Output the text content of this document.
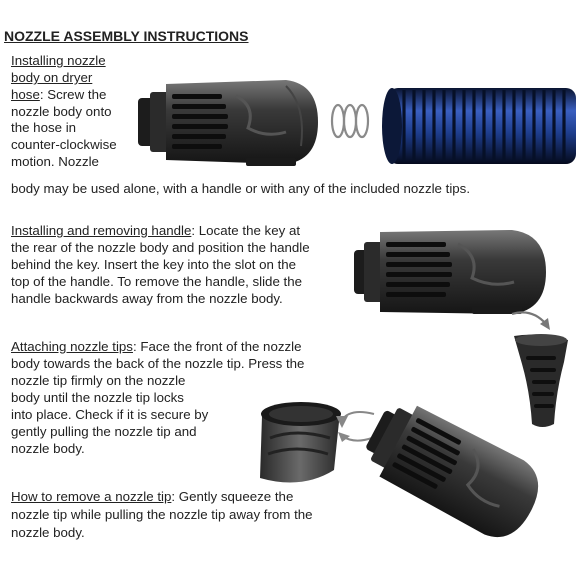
NOZZLE ASSEMBLY INSTRUCTIONS
Installing nozzle
body on dryer
hose: Screw the
nozzle body onto
the hose in
counter-clockwise
motion. Nozzle
body may be used alone, with a handle or with any of the included nozzle tips.
Installing and removing handle: Locate the key at
the rear of the nozzle body and position the handle
behind the key. Insert the key into the slot on the
top of the handle. To remove the handle, slide the
handle backwards away from the nozzle body.
Attaching nozzle tips: Face the front of the nozzle
body towards the back of the nozzle tip. Press the
nozzle tip firmly on the nozzle
body until the nozzle tip locks
into place. Check if it is secure by
gently pulling the nozzle tip and
nozzle body.
How to remove a nozzle tip: Gently squeeze the
nozzle tip while pulling the nozzle tip away from the
nozzle body.
